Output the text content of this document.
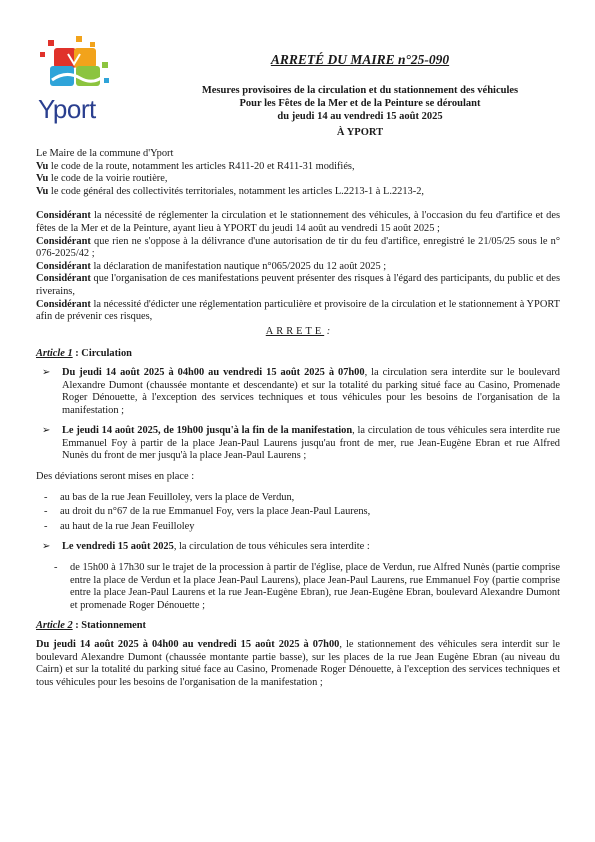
Yport
ARRETÉ DU MAIRE n°25-090
Mesures provisoires de la circulation et du stationnement des véhicules
Pour les Fêtes de la Mer et de la Peinture se déroulant
du jeudi 14 au vendredi 15 août 2025
À YPORT

Le Maire de la commune d'Yport

Vu le code de la route, notamment les articles R411-20 et R411-31 modifiés,

Vu le code de la voirie routière,

Vu le code général des collectivités territoriales, notamment les articles L.2213-1 à L.2213-2,

Considérant la nécessité de réglementer la circulation et le stationnement des véhicules, à l'occasion du feu d'artifice et des fêtes de la Mer et de la Peinture, ayant lieu à YPORT du jeudi 14 août au vendredi 15 août 2025 ;

Considérant que rien ne s'oppose à la délivrance d'une autorisation de tir du feu d'artifice, enregistré le 21/05/25 sous le n° 076-2025/42 ;

Considérant la déclaration de manifestation nautique n°065/2025 du 12 août 2025 ;

Considérant que l'organisation de ces manifestations peuvent présenter des risques à l'égard des participants, du public et des riverains,

Considérant la nécessité d'édicter une réglementation particulière et provisoire de la circulation et le stationnement à YPORT afin de prévenir ces risques,

ARRETE :
Article 1 : Circulation
➢ Du jeudi 14 août 2025 à 04h00 au vendredi 15 août 2025 à 07h00, la circulation sera interdite sur le boulevard Alexandre Dumont (chaussée montante et descendante) et sur la totalité du parking situé face au Casino, Promenade Roger Dénouette, à l'exception des services techniques et tous véhicules pour les besoins de l'organisation de la manifestation ;
➢ Le jeudi 14 août 2025, de 19h00 jusqu'à la fin de la manifestation, la circulation de tous véhicules sera interdite rue Emmanuel Foy à partir de la place Jean-Paul Laurens jusqu'au front de mer, rue Jean-Eugène Ebran et rue Alfred Nunès du front de mer jusqu'à la place Jean-Paul Laurens ;

Des déviations seront mises en place :

- au bas de la rue Jean Feuilloley, vers la place de Verdun,
- au droit du n°67 de la rue Emmanuel Foy, vers la place Jean-Paul Laurens,
- au haut de la rue Jean Feuilloley
➢ Le vendredi 15 août 2025, la circulation de tous véhicules sera interdite :
- de 15h00 à 17h30 sur le trajet de la procession à partir de l'église, place de Verdun, rue Alfred Nunès (partie comprise entre la place de Verdun et la place Jean-Paul Laurens), place Jean-Paul Laurens, rue Emmanuel Foy (partie comprise entre la place Jean-Paul Laurens et la rue Jean-Eugène Ebran), rue Jean-Eugène Ebran, boulevard Alexandre Dumont et promenade Roger Dénouette ;
Article 2 : Stationnement

Du jeudi 14 août 2025 à 04h00 au vendredi 15 août 2025 à 07h00, le stationnement des véhicules sera interdit sur le boulevard Alexandre Dumont (chaussée montante partie basse), sur les places de la rue Jean Eugène Ebran (au niveau du Cairn) et sur la totalité du parking situé face au Casino, Promenade Roger Dénouette, à l'exception des services techniques et tous véhicules pour les besoins de l'organisation de la manifestation ;
